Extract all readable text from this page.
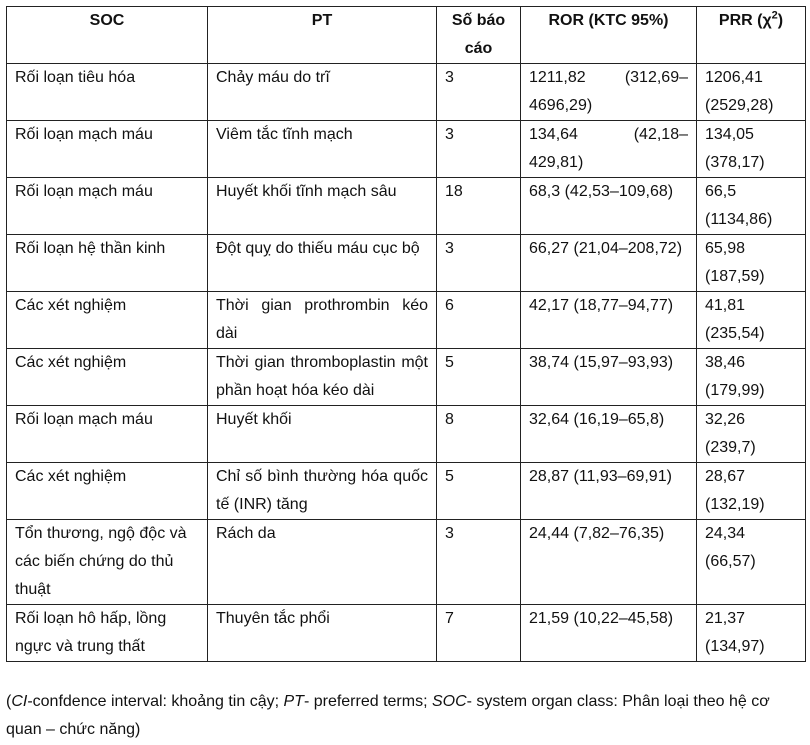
SOC	PT	Số báo cáo	ROR (KTC 95%)	PRR $(\chi^2)$
Rối loạn tiêu hóa	Chảy máu do trĩ	3	1211,82 (312,69–4696,29)	1206,41 (2529,28)
Rối loạn mạch máu	Viêm tắc tĩnh mạch	3	134,64 (42,18–429,81)	134,05 (378,17)
Rối loạn mạch máu	Huyết khối tĩnh mạch sâu	18	68,3 (42,53–109,68)	66,5 (1134,86)
Rối loạn hệ thần kinh	Đột quỵ do thiếu máu cục bộ	3	66,27 (21,04–208,72)	65,98 (187,59)
Các xét nghiệm	Thời gian prothrombin kéo dài	6	42,17 (18,77–94,77)	41,81 (235,54)
Các xét nghiệm	Thời gian thromboplastin một phần hoạt hóa kéo dài	5	38,74 (15,97–93,93)	38,46 (179,99)
Rối loạn mạch máu	Huyết khối	8	32,64 (16,19–65,8)	32,26 (239,7)
Các xét nghiệm	Chỉ số bình thường hóa quốc tế (INR) tăng	5	28,87 (11,93–69,91)	28,67 (132,19)
Tổn thương, ngộ độc và các biến chứng do thủ thuật	Rách da	3	24,44 (7,82–76,35)	24,34 (66,57)
Rối loạn hô hấp, lồng ngực và trung thất	Thuyên tắc phổi	7	21,59 (10,22–45,58)	21,37 (134,97)
(CI-confdence interval: khoảng tin cậy; PT- preferred terms; SOC- system organ class: Phân loại theo hệ cơ quan – chức năng)
